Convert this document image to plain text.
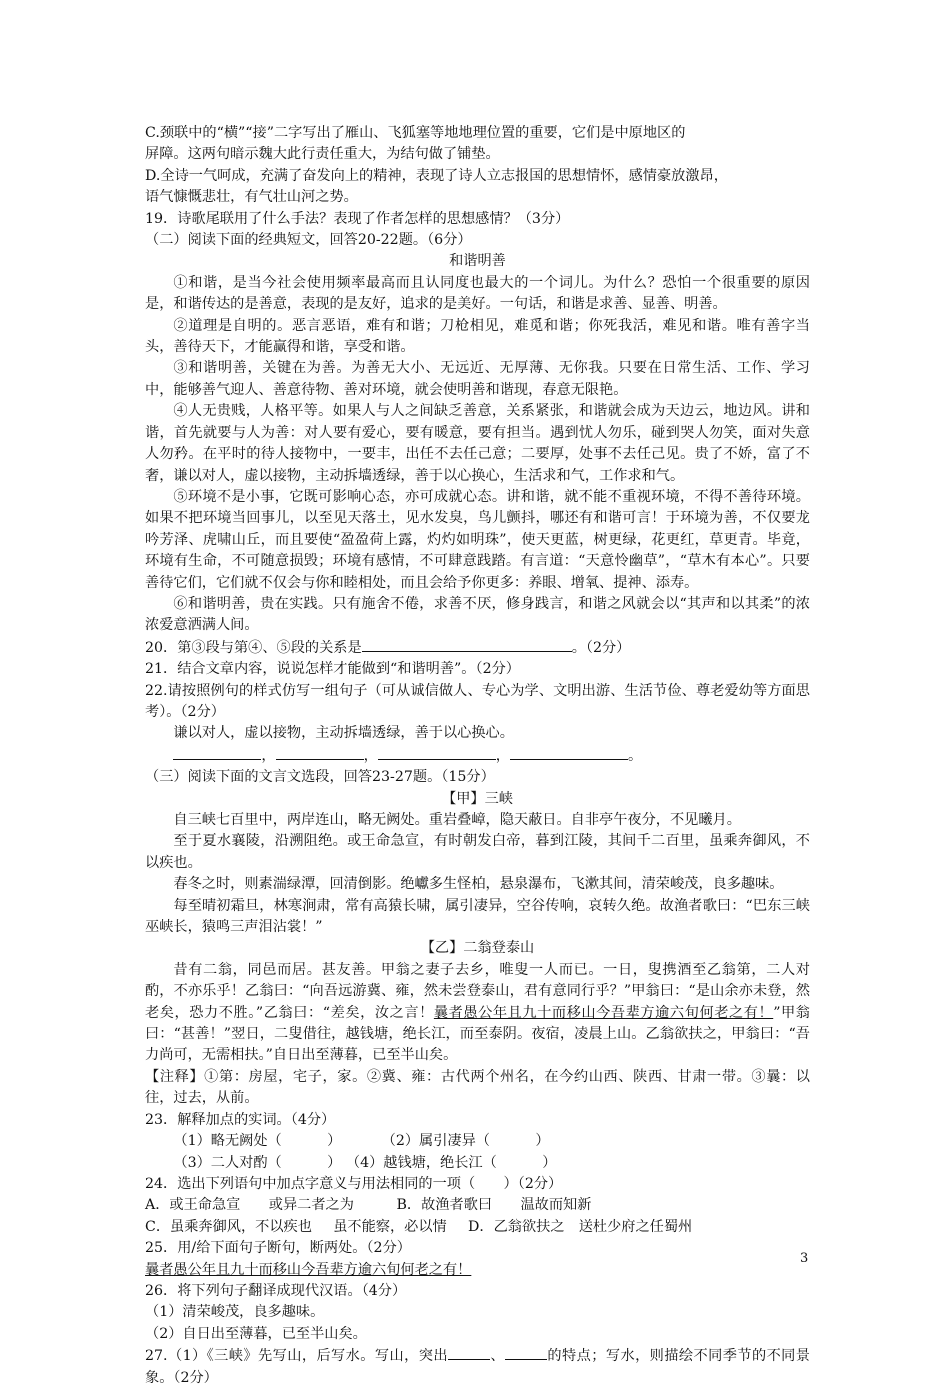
C.颈联中的“横”“接”二字写出了雁山、飞狐塞等地地理位置的重要，它们是中原地区的

屏障。这两句暗示魏大此行责任重大，为结句做了铺垫。

D.全诗一气呵成，充满了奋发向上的精神，表现了诗人立志报国的思想情怀，感情豪放激昂，

语气慷慨悲壮，有气壮山河之势。

19．诗歌尾联用了什么手法？表现了作者怎样的思想感情？（3分）

（二）阅读下面的经典短文，回答20-22题。（6分）

和谐明善

①和谐，是当今社会使用频率最高而且认同度也最大的一个词儿。为什么？恐怕一个很重要的原因是，和谐传达的是善意，表现的是友好，追求的是美好。一句话，和谐是求善、显善、明善。

②道理是自明的。恶言恶语，难有和谐；刀枪相见，难觅和谐；你死我活，难见和谐。唯有善字当头，善待天下，才能赢得和谐，享受和谐。

③和谐明善，关键在为善。为善无大小、无远近、无厚薄、无你我。只要在日常生活、工作、学习中，能够善气迎人、善意待物、善对环境，就会使明善和谐现，春意无限艳。

④人无贵贱，人格平等。如果人与人之间缺乏善意，关系紧张，和谐就会成为天边云，地边风。讲和谐，首先就要与人为善：对人要有爱心，要有暖意，要有担当。遇到忧人勿乐，碰到哭人勿笑，面对失意人勿矜。在平时的待人接物中，一要丰，出任不去任己意；二要厚，处事不去任己见。贵了不娇，富了不奢，谦以对人，虚以接物，主动拆墙透绿，善于以心换心，生活求和气，工作求和气。

⑤环境不是小事，它既可影响心态，亦可成就心态。讲和谐，就不能不重视环境，不得不善待环境。如果不把环境当回事儿，以至见天落土，见水发臭，鸟儿颤抖，哪还有和谐可言！于环境为善，不仅要龙吟芳泽、虎啸山丘，而且要使“盈盈荷上露，灼灼如明珠”，使天更蓝，树更绿，花更红，草更青。毕竟，环境有生命，不可随意损毁；环境有感情，不可肆意践踏。有言道：“天意怜幽草”，“草木有本心”。只要善待它们，它们就不仅会与你和睦相处，而且会给予你更多：养眼、增氧、提神、添寿。

⑥和谐明善，贵在实践。只有施舍不倦，求善不厌，修身践言，和谐之风就会以“其声和以其柔”的浓浓爱意洒满人间。

20．第③段与第④、⑤段的关系是	。（2分）

21．结合文章内容，说说怎样才能做到“和谐明善”。（2分）

22.请按照例句的样式仿写一组句子（可从诚信做人、专心为学、文明出游、生活节俭、尊老爱幼等方面思考）。（2分）

谦以对人，虚以接物，主动拆墙透绿，善于以心换心。

，	，	，	。

（三）阅读下面的文言文选段，回答23-27题。（15分）

【甲】三峡

自三峡七百里中，两岸连山，略无阙处。重岩叠嶂，隐天蔽日。自非亭午夜分，不见曦月。

至于夏水襄陵，沿溯阻绝。或王命急宣，有时朝发白帝，暮到江陵，其间千二百里，虽乘奔御风，不以疾也。

春冬之时，则素湍绿潭，回清倒影。绝巘多生怪柏，悬泉瀑布，飞漱其间，清荣峻茂，良多趣味。

每至晴初霜旦，林寒涧肃，常有高猿长啸，属引凄异，空谷传响，哀转久绝。故渔者歌曰：“巴东三峡巫峡长，猿鸣三声泪沾裳！”

【乙】二翁登泰山

昔有二翁，同邑而居。甚友善。甲翁之妻子去乡，唯叟一人而已。一日，叟携酒至乙翁第，二人对酌，不亦乐乎！乙翁曰：“向吾远游冀、雍，然未尝登泰山，君有意同行乎？”甲翁曰：“是山余亦未登，然老矣，恐力不胜。”乙翁曰：“差矣，汝之言！曩者愚公年且九十而移山今吾辈方逾六旬何老之有！”甲翁曰：“甚善！”翌日，二叟借往，越钱塘，绝长江，而至泰阴。夜宿，凌晨上山。乙翁欲扶之，甲翁曰：“吾力尚可，无需相扶。”自日出至薄暮，已至半山矣。

【注释】①第：房屋，宅子，家。②冀、雍：古代两个州名，在今约山西、陕西、甘肃一带。③曩：以往，过去，从前。

23．解释加点的实词。（4分）

（1）略无阙处（	）	（2）属引凄异（	）

（3）二人对酌（	） （4）越钱塘，绝长江（	）

24．选出下列语句中加点字意义与用法相同的一项（　　）（2分）

A．或王命急宣 或异二者之为	B．故渔者歌曰 温故而知新

C．虽乘奔御风，不以疾也 虽不能察，必以情 D．乙翁欲扶之 送杜少府之任蜀州

25．用/给下面句子断句，断两处。（2分）

曩者愚公年且九十而移山今吾辈方逾六旬何老之有！

26．将下列句子翻译成现代汉语。（4分）

（1）清荣峻茂，良多趣味。

（2）自日出至薄暮，已至半山矣。

27.（1）《三峡》先写山，后写水。写山，突出	、	的特点；写水，则描绘不同季节的不同景象。（2分）

3
